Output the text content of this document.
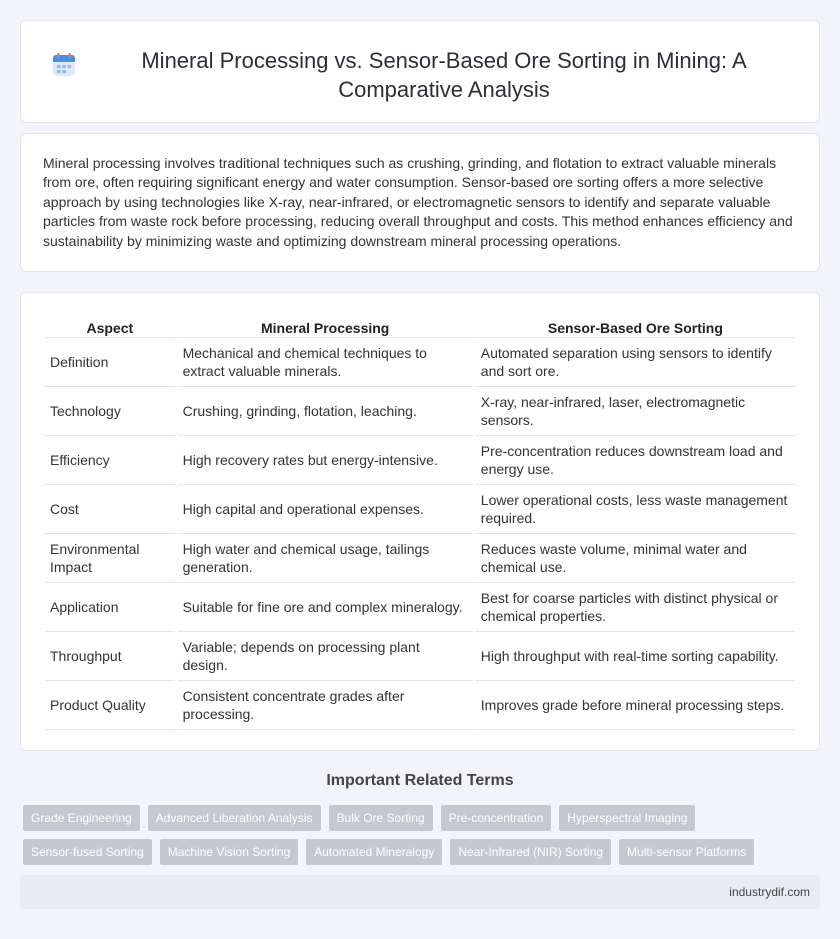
Mineral Processing vs. Sensor-Based Ore Sorting in Mining: A Comparative Analysis

Mineral processing involves traditional techniques such as crushing, grinding, and flotation to extract valuable minerals from ore, often requiring significant energy and water consumption. Sensor-based ore sorting offers a more selective approach by using technologies like X-ray, near-infrared, or electromagnetic sensors to identify and separate valuable particles from waste rock before processing, reducing overall throughput and costs. This method enhances efficiency and sustainability by minimizing waste and optimizing downstream mineral processing operations.

Aspect	Mineral Processing	Sensor-Based Ore Sorting
Definition	Mechanical and chemical techniques to extract valuable minerals.	Automated separation using sensors to identify and sort ore.
Technology	Crushing, grinding, flotation, leaching.	X-ray, near-infrared, laser, electromagnetic sensors.
Efficiency	High recovery rates but energy-intensive.	Pre-concentration reduces downstream load and energy use.
Cost	High capital and operational expenses.	Lower operational costs, less waste management required.
Environmental Impact	High water and chemical usage, tailings generation.	Reduces waste volume, minimal water and chemical use.
Application	Suitable for fine ore and complex mineralogy.	Best for coarse particles with distinct physical or chemical properties.
Throughput	Variable; depends on processing plant design.	High throughput with real-time sorting capability.
Product Quality	Consistent concentrate grades after processing.	Improves grade before mineral processing steps.
Important Related Terms
Grade Engineering	Advanced Liberation Analysis	Bulk Ore Sorting	Pre-concentration	Hyperspectral Imaging
Sensor-fused Sorting	Machine Vision Sorting	Automated Mineralogy	Near-Infrared (NIR) Sorting	Multi-sensor Platforms
industrydif.com
